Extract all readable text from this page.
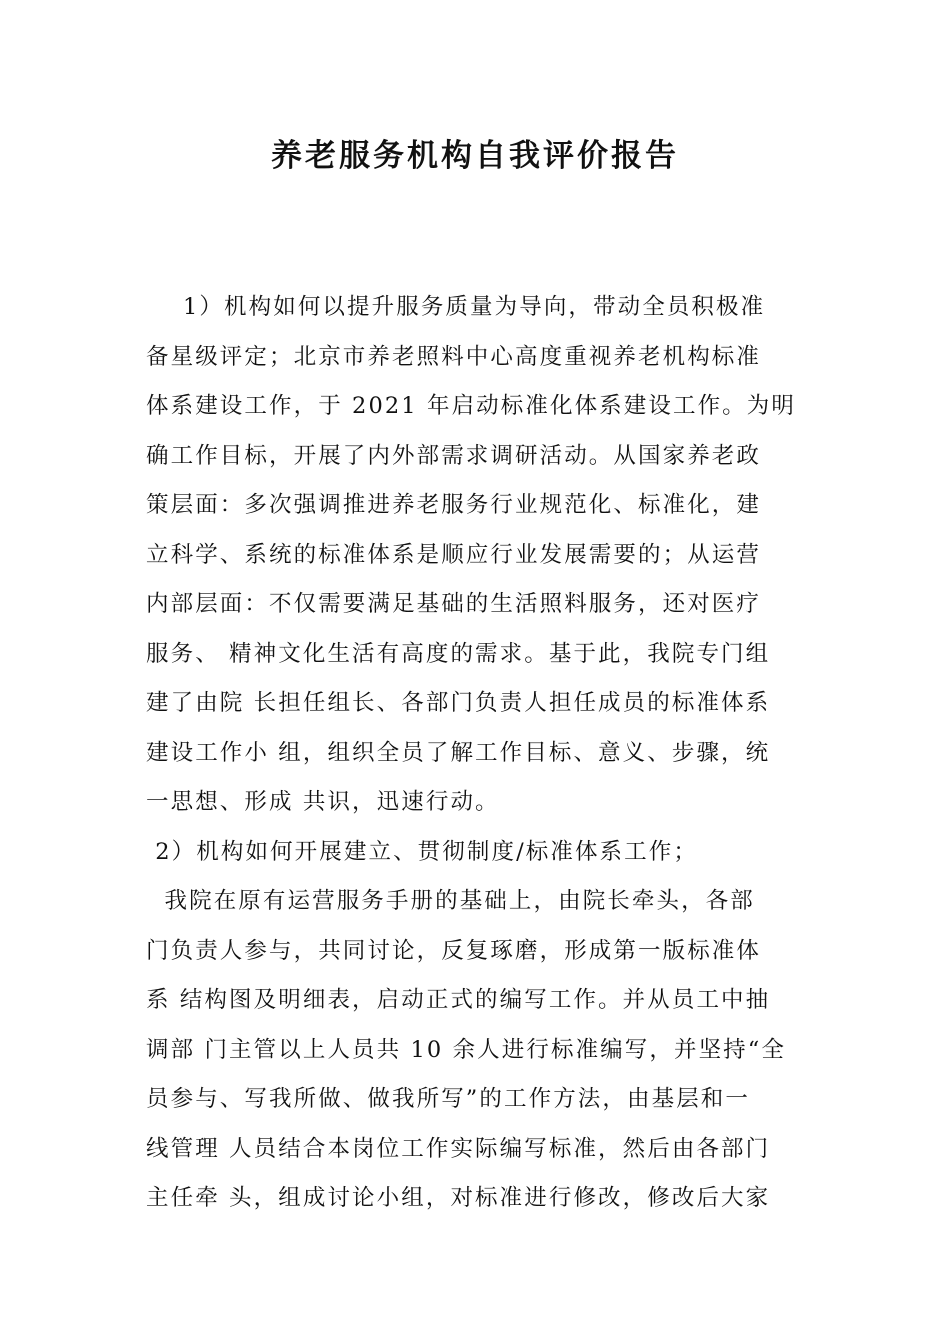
养老服务机构自我评价报告
1）机构如何以提升服务质量为导向，带动全员积极准
备星级评定；北京市养老照料中心高度重视养老机构标准
体系建设工作，于 2021 年启动标准化体系建设工作。为明
确工作目标，开展了内外部需求调研活动。从国家养老政
策层面：多次强调推进养老服务行业规范化、标准化，建
立科学、系统的标准体系是顺应行业发展需要的；从运营
内部层面：不仅需要满足基础的生活照料服务，还对医疗
服务、 精神文化生活有高度的需求。基于此，我院专门组
建了由院 长担任组长、各部门负责人担任成员的标准体系
建设工作小 组，组织全员了解工作目标、意义、步骤，统
一思想、形成 共识，迅速行动。
2）机构如何开展建立、贯彻制度/标准体系工作；
我院在原有运营服务手册的基础上，由院长牵头，各部
门负责人参与，共同讨论，反复琢磨，形成第一版标准体
系 结构图及明细表，启动正式的编写工作。并从员工中抽
调部 门主管以上人员共 10 余人进行标准编写，并坚持“全
员参与、写我所做、做我所写”的工作方法，由基层和一
线管理 人员结合本岗位工作实际编写标准，然后由各部门
主任牵 头，组成讨论小组，对标准进行修改，修改后大家
